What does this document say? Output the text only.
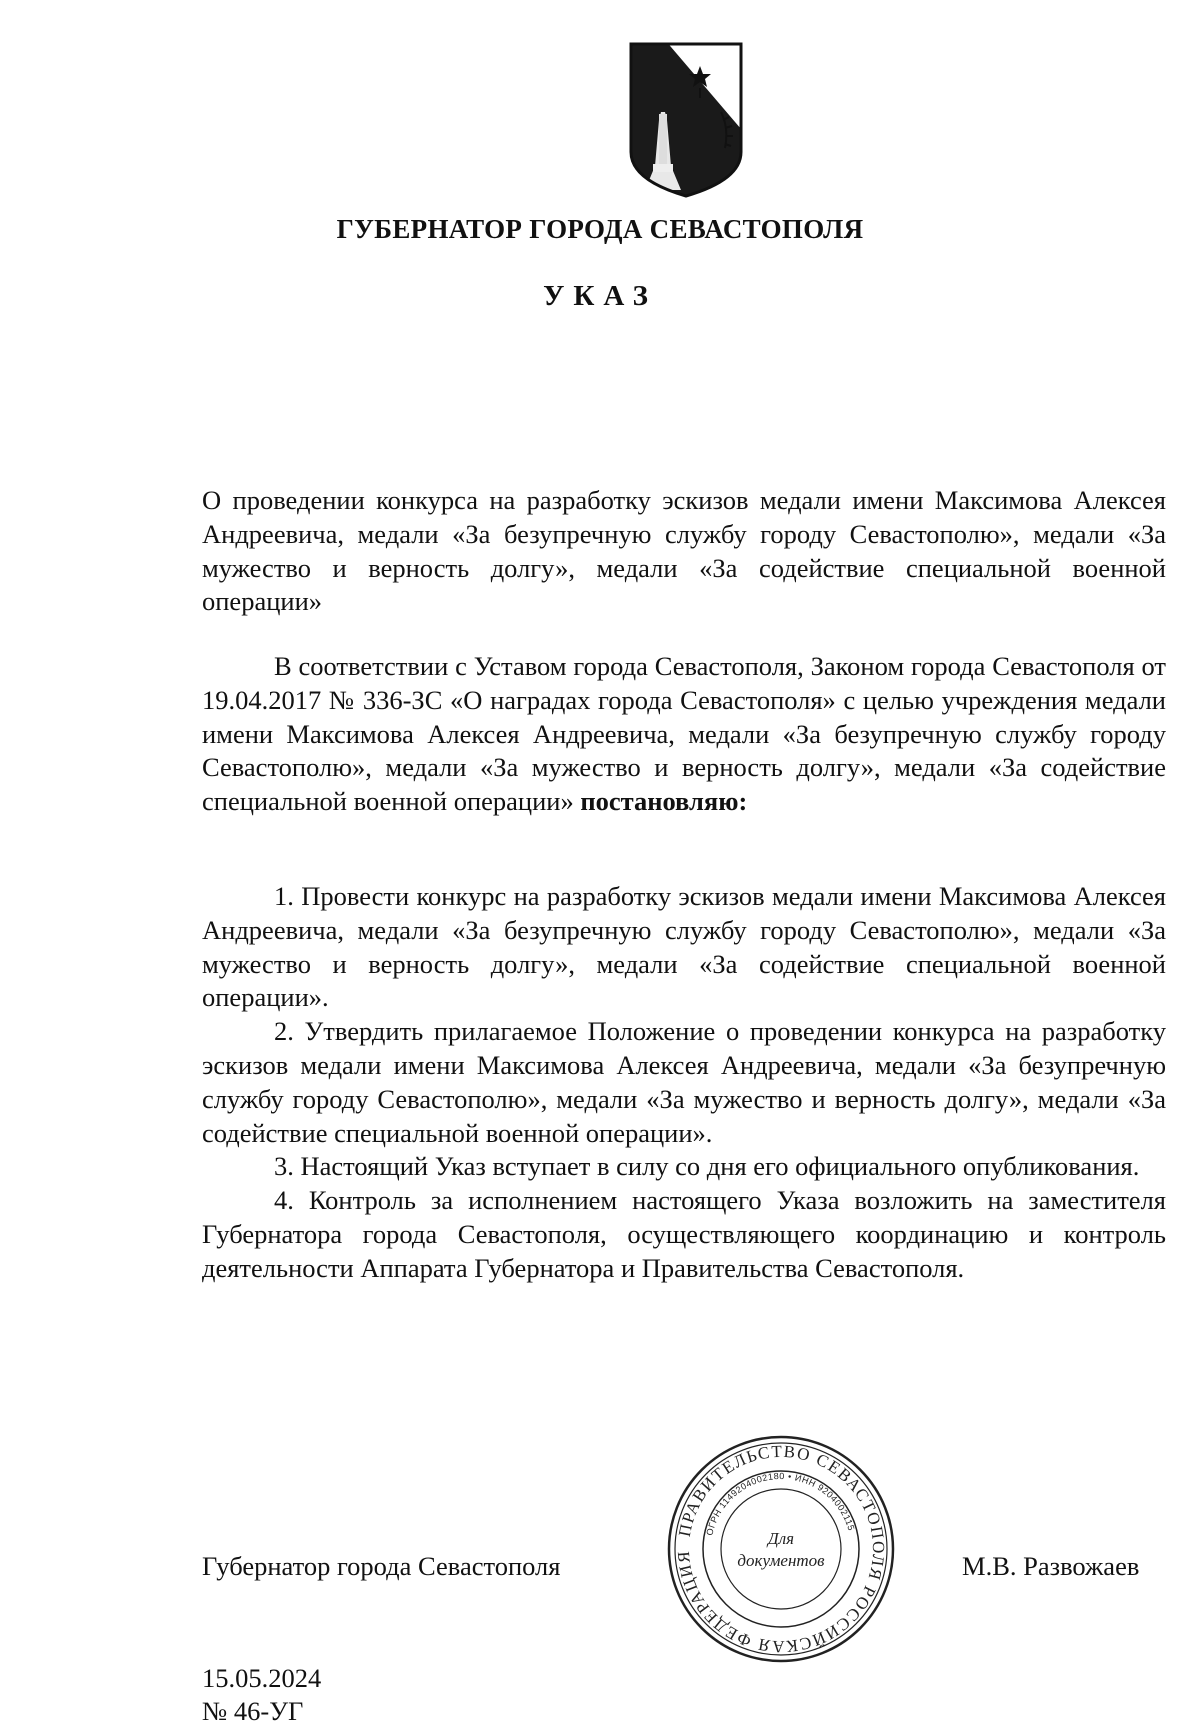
ГУБЕРНАТОР ГОРОДА СЕВАСТОПОЛЯ
УКАЗ
О проведении конкурса на разработку эскизов медали имени Максимова Алексея Андреевича, медали «За безупречную службу городу Севастополю», медали «За мужество и верность долгу», медали «За содействие специальной военной операции»
В соответствии с Уставом города Севастополя, Законом города Севастополя от 19.04.2017 № 336-ЗС «О наградах города Севастополя» с целью учреждения медали имени Максимова Алексея Андреевича, медали «За безупречную службу городу Севастополю», медали «За мужество и верность долгу», медали «За содействие специальной военной операции» постановляю:

1. Провести конкурс на разработку эскизов медали имени Максимова Алексея Андреевича, медали «За безупречную службу городу Севастополю», медали «За мужество и верность долгу», медали «За содействие специальной военной операции».

2. Утвердить прилагаемое Положение о проведении конкурса на разработку эскизов медали имени Максимова Алексея Андреевича, медали «За безупречную службу городу Севастополю», медали «За мужество и верность долгу», медали «За содействие специальной военной операции».

3. Настоящий Указ вступает в силу со дня его официального опубликования.

4. Контроль за исполнением настоящего Указа возложить на заместителя Губернатора города Севастополя, осуществляющего координацию и контроль деятельности Аппарата Губернатора и Правительства Севастополя.

Губернатор города Севастополя	М.В. Развожаев
ПРАВИТЕЛЬСТВО СЕВАСТОПОЛЯ РОССИЙСКАЯ ФЕДЕРАЦИЯ
ОГРН 1149204002180 • ИНН 9204002115
Для
документов
15.05.2024
№ 46-УГ
